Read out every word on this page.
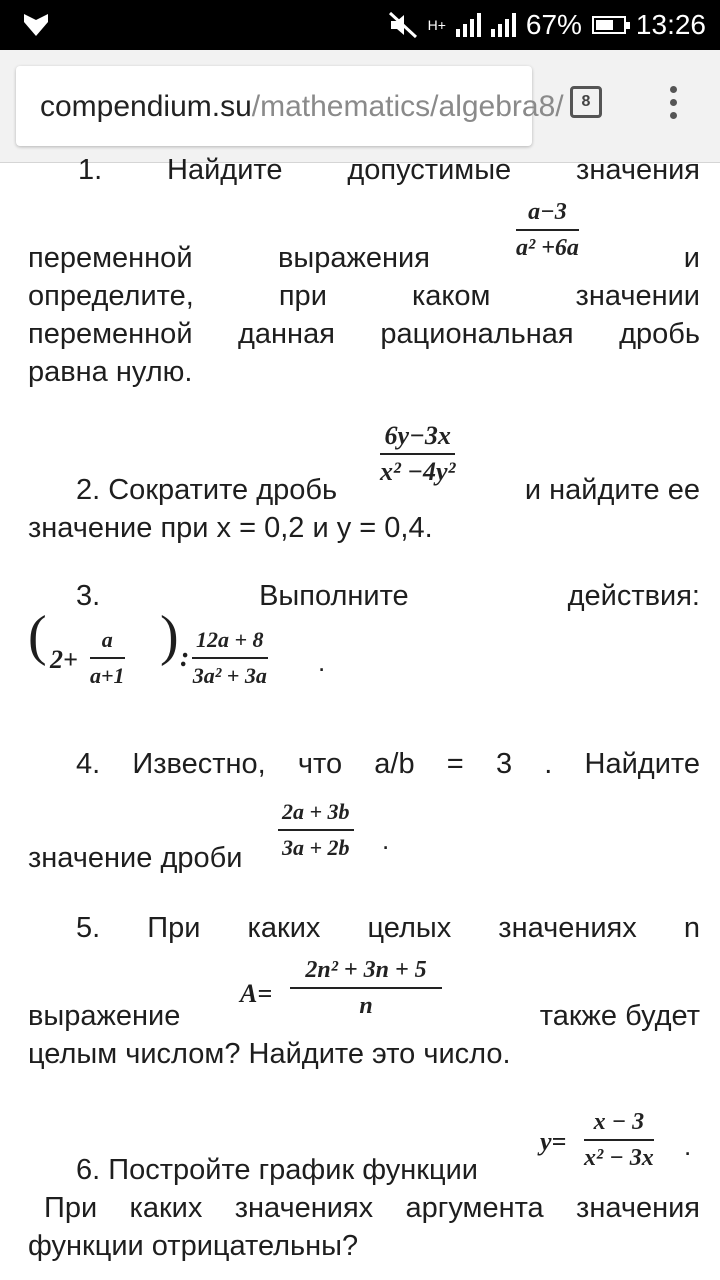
H+	67% 13:26
compendium.su/mathematics/algebra8/	8
1. Найдите допустимые значения
$\frac{a-3}{\text{a² +6a}}$
переменной	выражения	и
определите, при каком значении
переменной данная рациональная дробь
равна нулю.
$\frac{6y-3x}{\text{x² −4y²}}$
2. Сократите дробь	и найдите ее
значение при x = 0,2 и y = 0,4.
3. Выполните действия:
( $2+ \frac{a}{a+1}$ ) : $\frac{12a + 8}{\text{3a² + 3a}}$ .
4. Известно, что a/b = 3 . Найдите
$\frac{2a + 3b}{3a + 2b}$ .
значение дроби
5. При каких целых значениях n
$A= \frac{\text{2n² + 3n + 5}}{n}$
выражение	также будет
целым числом? Найдите это число.
$y= \frac{x - 3}{\text{x² − 3x}}$ .
6. Постройте график функции
При каких значениях аргумента значения
функции отрицательны?
